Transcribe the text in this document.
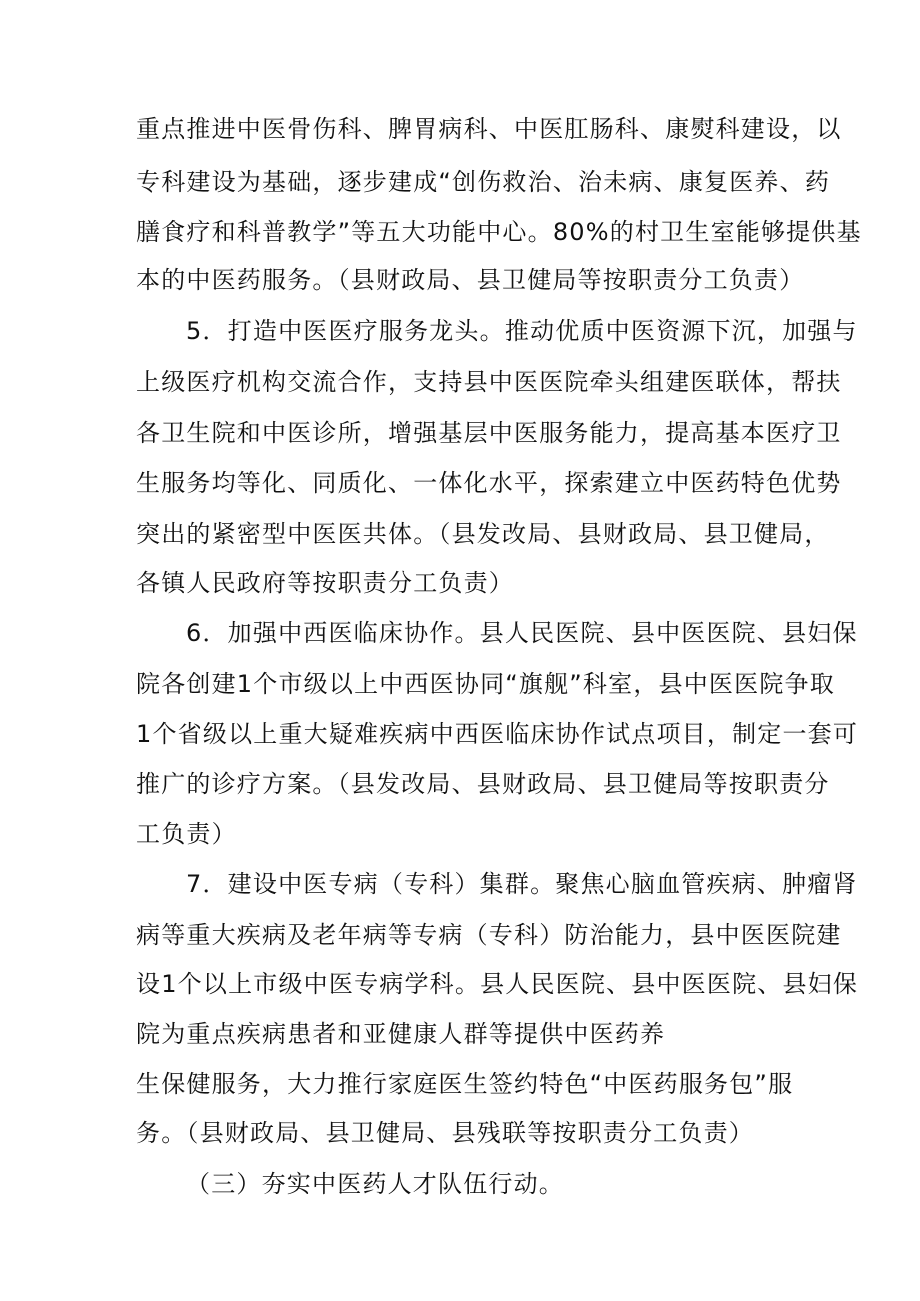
重点推进中医骨伤科、脾胃病科、中医肛肠科、康熨科建设，以
专科建设为基础，逐步建成“创伤救治、治未病、康复医养、药
膳食疗和科普教学”等五大功能中心。80%的村卫生室能够提供基
本的中医药服务。（县财政局、县卫健局等按职责分工负责）
5．打造中医医疗服务龙头。推动优质中医资源下沉，加强与
上级医疗机构交流合作，支持县中医医院牵头组建医联体，帮扶
各卫生院和中医诊所，增强基层中医服务能力，提高基本医疗卫
生服务均等化、同质化、一体化水平，探索建立中医药特色优势
突出的紧密型中医医共体。（县发改局、县财政局、县卫健局，
各镇人民政府等按职责分工负责）
6．加强中西医临床协作。县人民医院、县中医医院、县妇保
院各创建1个市级以上中西医协同“旗舰”科室，县中医医院争取
1个省级以上重大疑难疾病中西医临床协作试点项目，制定一套可
推广的诊疗方案。（县发改局、县财政局、县卫健局等按职责分
工负责）
7．建设中医专病（专科）集群。聚焦心脑血管疾病、肿瘤肾
病等重大疾病及老年病等专病（专科）防治能力，县中医医院建
设1个以上市级中医专病学科。县人民医院、县中医医院、县妇保
院为重点疾病患者和亚健康人群等提供中医药养
生保健服务，大力推行家庭医生签约特色“中医药服务包”服
务。（县财政局、县卫健局、县残联等按职责分工负责）
（三）夯实中医药人才队伍行动。
